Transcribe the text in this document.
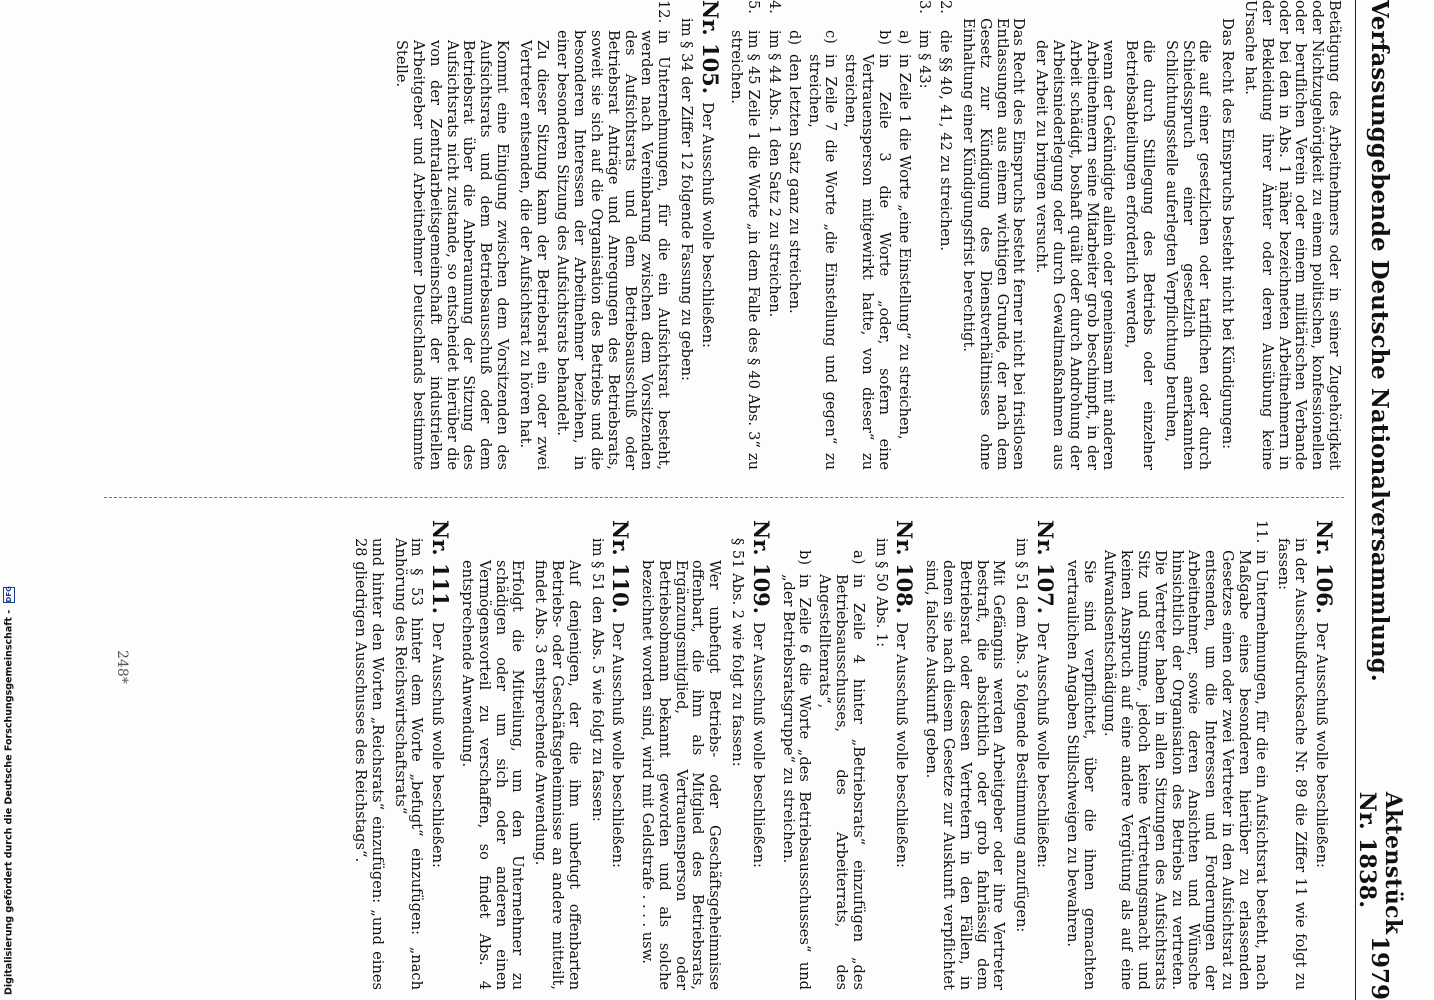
Verfassunggebende Deutsche Nationalversammlung.
Aktenstück Nr. 1838.
1979

Betätigung des Arbeitnehmers oder in seiner Zugehörigkeit oder Nichtzugehörigkeit zu einem politischen, konfessionellen oder beruflichen Verein oder einem militärischen Verbande oder bei den in Abs. 1 näher bezeichneten Arbeitnehmern in der Bekleidung ihrer Ämter oder deren Ausübung keine Ursache hat.

Das Recht des Einspruchs besteht nicht bei Kündigungen:

die auf einer gesetzlichen oder tariflichen oder durch Schiedsspruch einer gesetzlich anerkannten Schlichtungsstelle auferlegten Verpflichtung beruhen,

die durch Stillegung des Betriebs oder einzelner Betriebsabteilungen erforderlich werden,

wenn der Gekündigte allein oder gemeinsam mit anderen Arbeitnehmern seine Mitarbeiter grob beschimpft, in der Arbeit schädigt, boshaft quält oder durch Androhung der Arbeitsniederlegung oder durch Gewaltmaßnahmen aus der Arbeit zu bringen versucht.

Das Recht des Einspruchs besteht ferner nicht bei fristlosen Entlassungen aus einem wichtigen Grunde, der nach dem Gesetz zur Kündigung des Dienstverhältnisses ohne Einhaltung einer Kündigungsfrist berechtigt.

2.
die §§ 40, 41, 42 zu streichen.
3.
im § 43:
a)
in Zeile 1 die Worte „eine Einstellung“ zu streichen,
b)
in Zeile 3 die Worte „oder, sofern eine Vertrauensperson mitgewirkt hatte, von dieser“ zu streichen,
c)
in Zeile 7 die Worte „die Einstellung und gegen“ zu streichen,
d)
den letzten Satz ganz zu streichen.
4.
im § 44 Abs. 1 den Satz 2 zu streichen.
5.
im § 45 Zeile 1 die Worte „in dem Falle des § 40 Abs. 3“ zu streichen.
Nr. 105.Der Ausschuß wolle beschließen:

im § 34 der Ziffer 12 folgende Fassung zu geben:

12.
in Unternehmungen, für die ein Aufsichtsrat besteht, werden nach Vereinbarung zwischen dem Vorsitzenden des Aufsichtsrats und dem Betriebsausschuß oder Betriebsrat Anträge und Anregungen des Betriebsrats, soweit sie sich auf die Organisation des Betriebs und die besonderen Interessen der Arbeitnehmer beziehen, in einer besonderen Sitzung des Aufsichtsrats behandelt.

Zu dieser Sitzung kann der Betriebsrat ein oder zwei Vertreter entsenden, die der Aufsichtsrat zu hören hat.

Kommt eine Einigung zwischen dem Vorsitzenden des Aufsichtsrats und dem Betriebsausschuß oder dem Betriebsrat über die Anberaumung der Sitzung des Aufsichtsrats nicht zustande, so entscheidet hierüber die von der Zentralarbeitsgemeinschaft der industriellen Arbeitgeber und Arbeitnehmer Deutschlands bestimmte Stelle.

Nr. 106.Der Ausschuß wolle beschließen:

in der Ausschußdrucksache Nr. 89 die Ziffer 11 wie folgt zu fassen:

11.
in Unternehmungen, für die ein Aufsichtsrat besteht, nach Maßgabe eines besonderen hierüber zu erlassenden Gesetzes einen oder zwei Vertreter in den Aufsichtsrat zu entsenden, um die Interessen und Forderungen der Arbeitnehmer, sowie deren Ansichten und Wünsche hinsichtlich der Organisation des Betriebs zu vertreten. Die Vertreter haben in allen Sitzungen des Aufsichtsrats Sitz und Stimme, jedoch keine Vertretungsmacht und keinen Anspruch auf eine andere Vergütung als auf eine Aufwandsentschädigung.

Sie sind verpflichtet, über die ihnen gemachten vertraulichen Angaben Stillschweigen zu bewahren.

Nr. 107.Der Ausschuß wolle beschließen:

im § 51 dem Abs. 3 folgende Bestimmung anzufügen:

Mit Gefängnis werden Arbeitgeber oder ihre Vertreter bestraft, die absichtlich oder grob fahrlässig dem Betriebsrat oder dessen Vertretern in den Fällen, in denen sie nach diesem Gesetze zur Auskunft verpflichtet sind, falsche Auskunft geben.

Nr. 108.Der Ausschuß wolle beschließen:

im § 50 Abs. 1:

a)
in Zeile 4 hinter „Betriebsrats“ einzufügen „des Betriebsausschusses, des Arbeiterrats, des Angestelltenrats“,
b)
in Zeile 6 die Worte „des Betriebsausschusses“ und „der Betriebsratsgruppe“ zu streichen.
Nr. 109.Der Ausschuß wolle beschließen:

§ 51 Abs. 2 wie folgt zu fassen:

Wer unbefugt Betriebs- oder Geschäftsgeheimnisse offenbart, die ihm als Mitglied des Betriebsrats, Ergänzungsmitglied, Vertrauensperson oder Betriebsobmann bekannt geworden und als solche bezeichnet worden sind, wird mit Geldstrafe . . . . usw.

Nr. 110.Der Ausschuß wolle beschließen:

im § 51 den Abs. 5 wie folgt zu fassen:

Auf denjenigen, der die ihm unbefugt offenbarten Betriebs- oder Geschäftsgeheimnisse an andere mitteilt, findet Abs. 3 entsprechende Anwendung.

Erfolgt die Mitteilung, um den Unternehmer zu schädigen oder um sich oder anderen einen Vermögensvorteil zu verschaffen, so findet Abs. 4 entsprechende Anwendung.

Nr. 111.Der Ausschuß wolle beschließen:

im § 53 hinter dem Worte „befugt“ einzufügen: „nach Anhörung des Reichswirtschaftsrats“

und hinter den Worten „Reichsrats“ einzufügen: „und eines 28 gliedrigen Ausschusses des Reichstags“.

248*
Digitalisierung gefördert durch die Deutsche Forschungsgemeinschaft - DFG
